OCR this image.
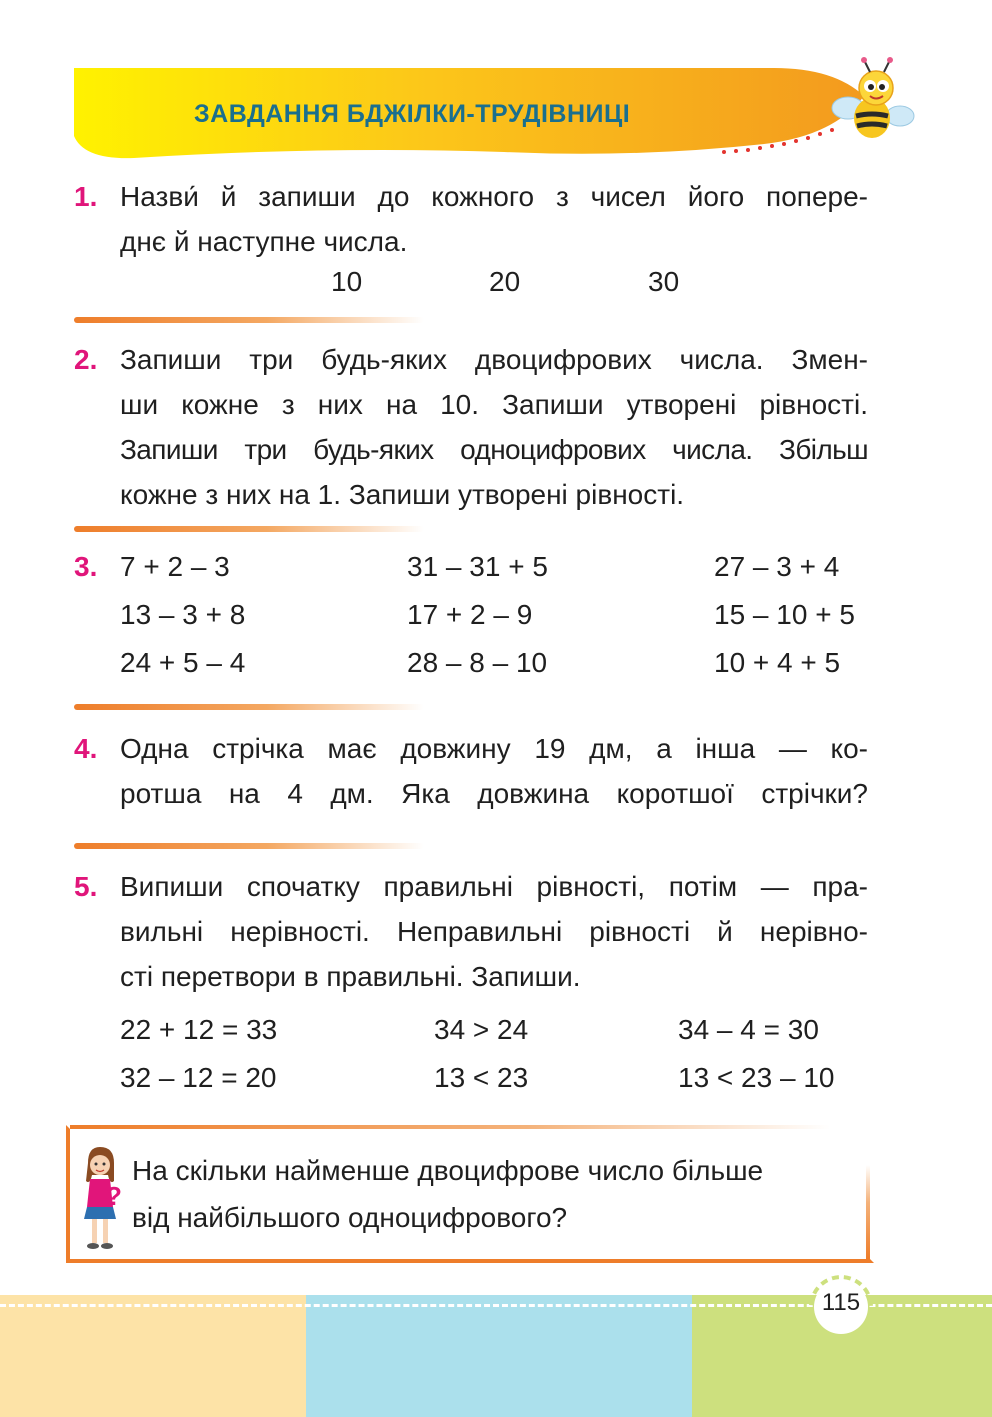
ЗАВДАННЯ БДЖІЛКИ-ТРУДІВНИЦІ
1. Назви́ й запиши до кожного з чисел його попере-
днє й наступне числа.
10	20	30
2. Запиши три будь-яких двоцифрових числа. Змен-
ши кожне з них на 10. Запиши утворені рівності.
Запиши три будь-яких одноцифрових числа. Збільш
кожне з них на 1. Запиши утворені рівності.
3. 7 + 2 – 3
13 – 3 + 8
24 + 5 – 4
31 – 31 + 5
17 + 2 – 9
28 – 8 – 10
27 – 3 + 4
15 – 10 + 5
10 + 4 + 5
4. Одна стрічка має довжину 19 дм, а інша — ко-
ротша на 4 дм. Яка довжина коротшої стрічки?
5. Випиши спочатку правильні рівності, потім — пра-
вильні нерівності. Неправильні рівності й нерівно-
сті перетвори в правильні. Запиши.
22 + 12 = 33
32 – 12 = 20
34 > 24
13 < 23
34 – 4 = 30
13 < 23 – 10
?
На скільки найменше двоцифрове число більше
від найбільшого одноцифрового?
115
